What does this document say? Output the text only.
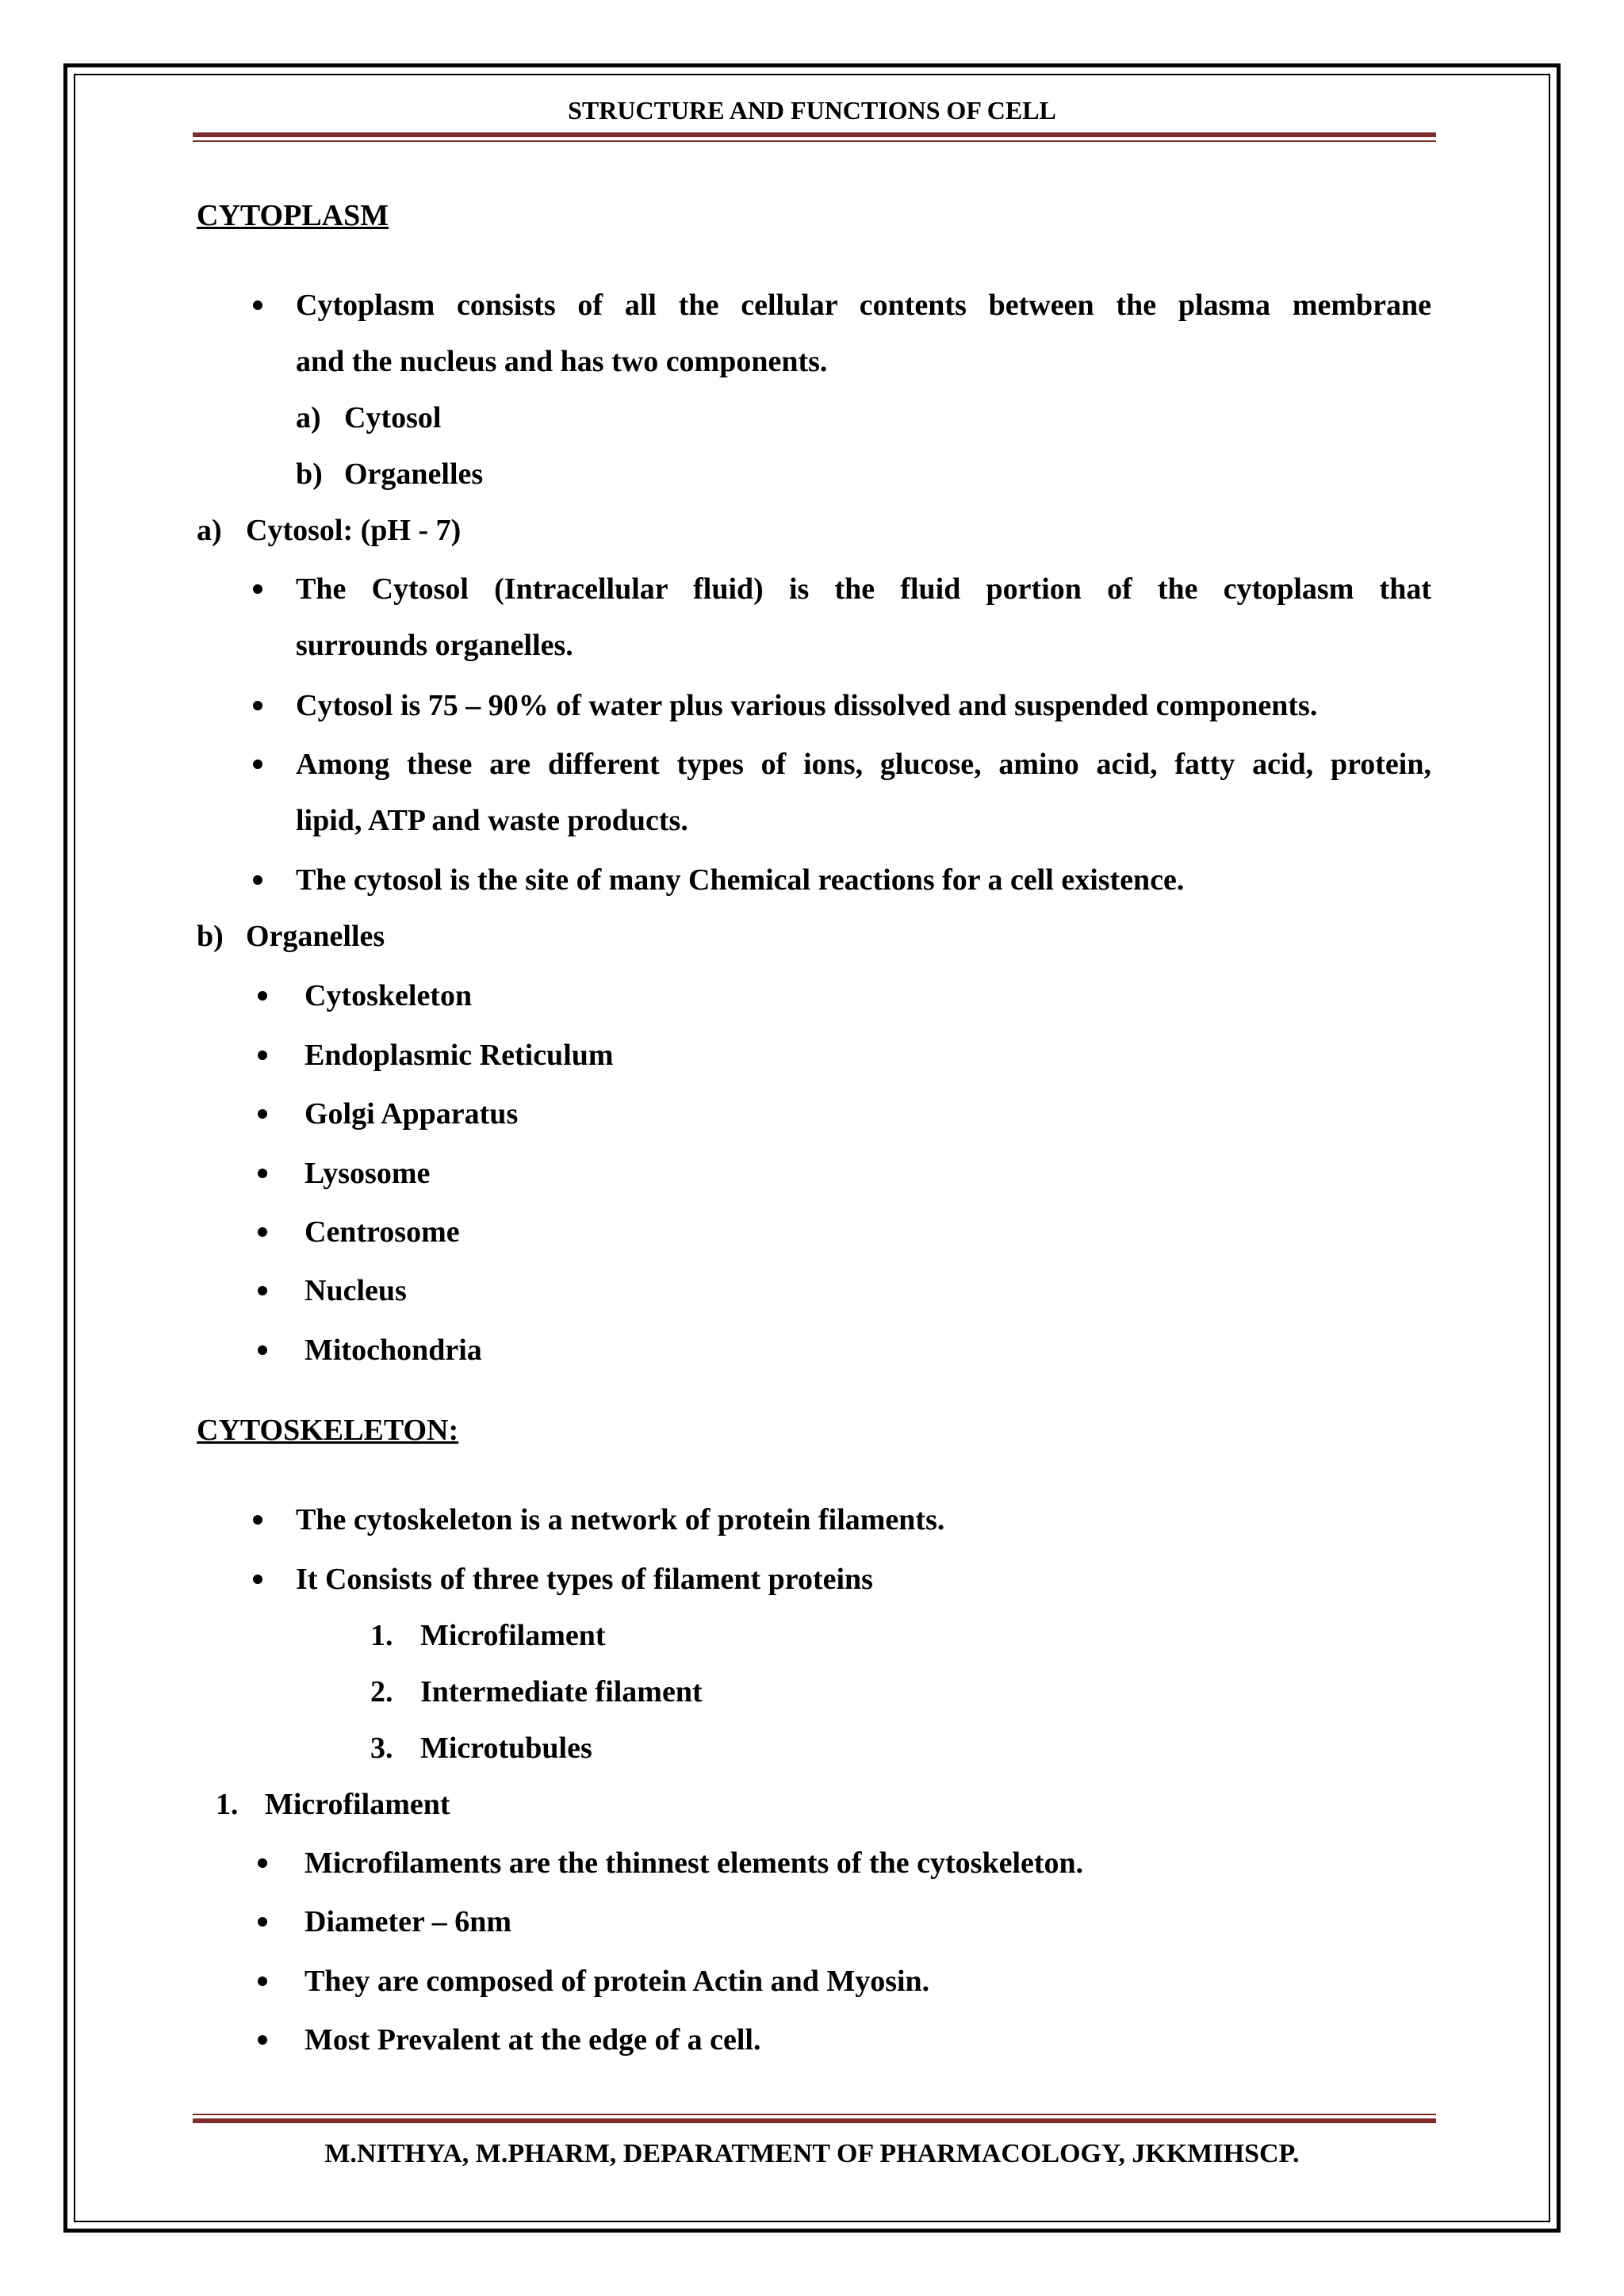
STRUCTURE AND FUNCTIONS OF CELL
CYTOPLASM
Cytoplasm consists of all the cellular contents between the plasma membrane
and the nucleus and has two components.
a) Cytosol
b) Organelles
a) Cytosol: (pH - 7)
The Cytosol (Intracellular fluid) is the fluid portion of the cytoplasm that
surrounds organelles.
Cytosol is 75 – 90% of water plus various dissolved and suspended components.
Among these are different types of ions, glucose, amino acid, fatty acid, protein,
lipid, ATP and waste products.
The cytosol is the site of many Chemical reactions for a cell existence.
b) Organelles
Cytoskeleton
Endoplasmic Reticulum
Golgi Apparatus
Lysosome
Centrosome
Nucleus
Mitochondria
CYTOSKELETON:
The cytoskeleton is a network of protein filaments.
It Consists of three types of filament proteins
1. Microfilament
2. Intermediate filament
3. Microtubules
1. Microfilament
Microfilaments are the thinnest elements of the cytoskeleton.
Diameter – 6nm
They are composed of protein Actin and Myosin.
Most Prevalent at the edge of a cell.
M.NITHYA, M.PHARM, DEPARATMENT OF PHARMACOLOGY, JKKMIHSCP.
